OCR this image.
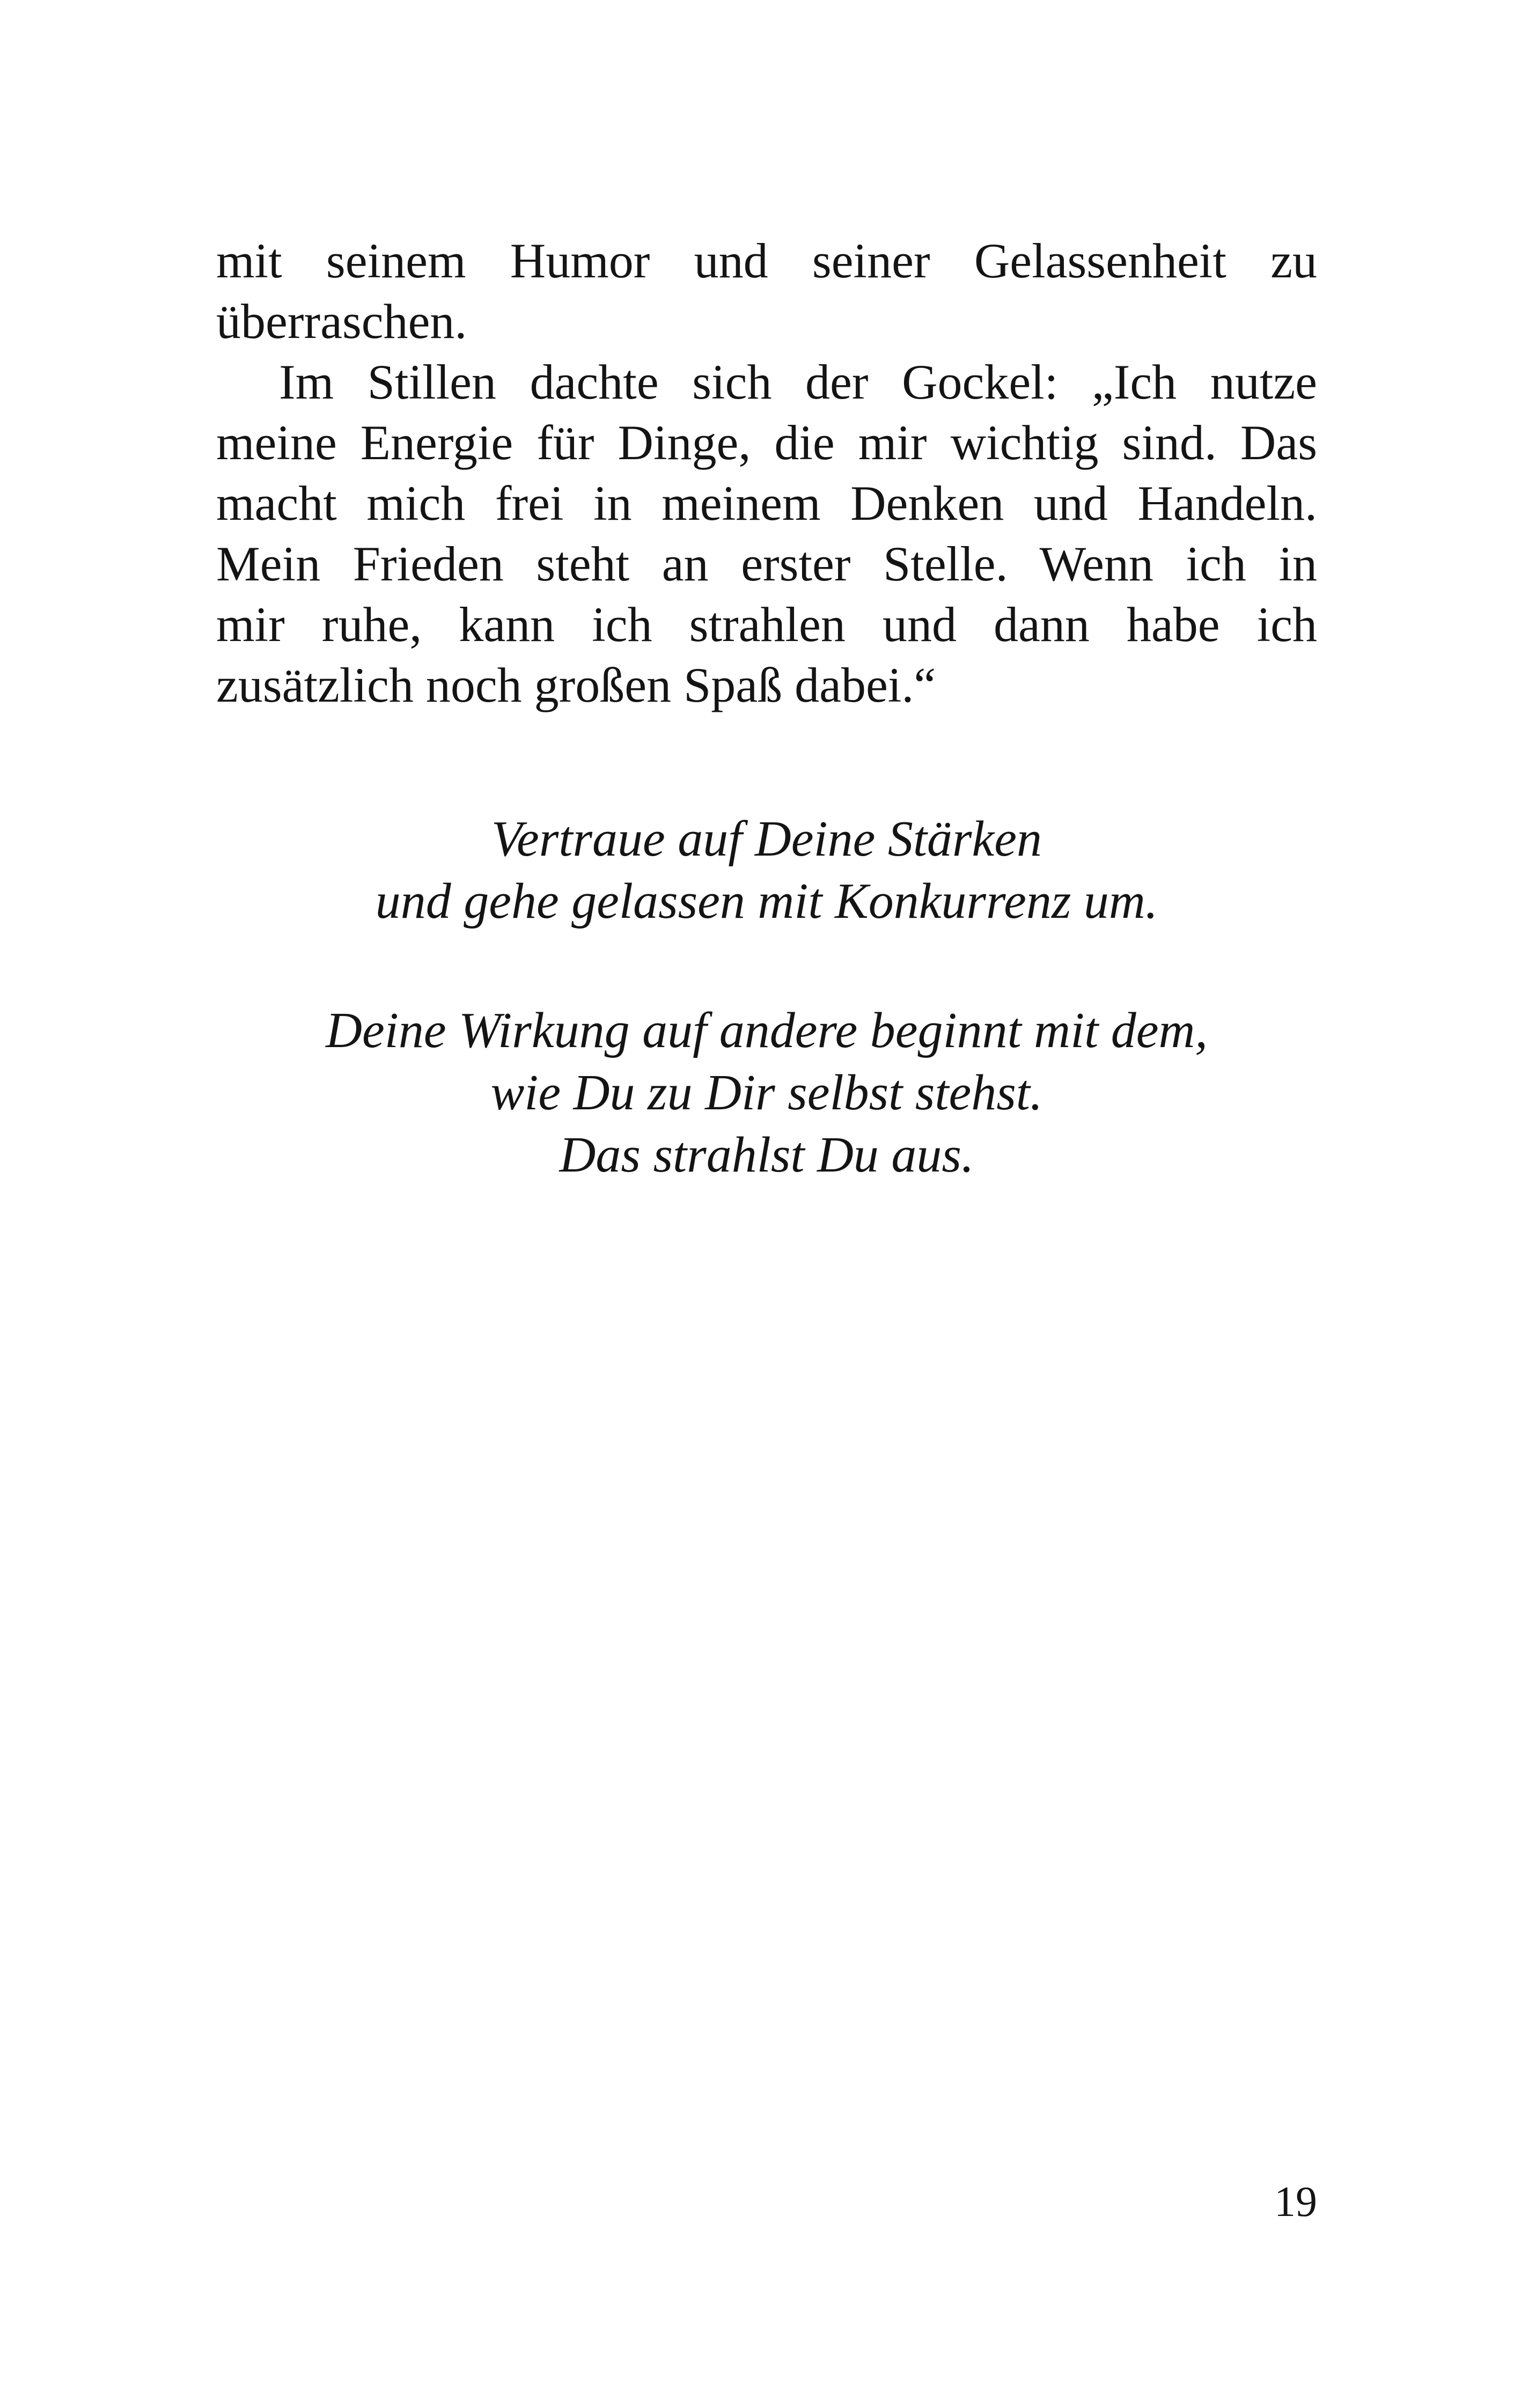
mit seinem Humor und seiner Gelassenheit zu
überraschen.
Im Stillen dachte sich der Gockel: „Ich nutze
meine Energie für Dinge, die mir wichtig sind. Das
macht mich frei in meinem Denken und Handeln.
Mein Frieden steht an erster Stelle. Wenn ich in
mir ruhe, kann ich strahlen und dann habe ich
zusätzlich noch großen Spaß dabei.“
Vertraue auf Deine Stärken
und gehe gelassen mit Konkurrenz um.
Deine Wirkung auf andere beginnt mit dem,
wie Du zu Dir selbst stehst.
Das strahlst Du aus.
19
